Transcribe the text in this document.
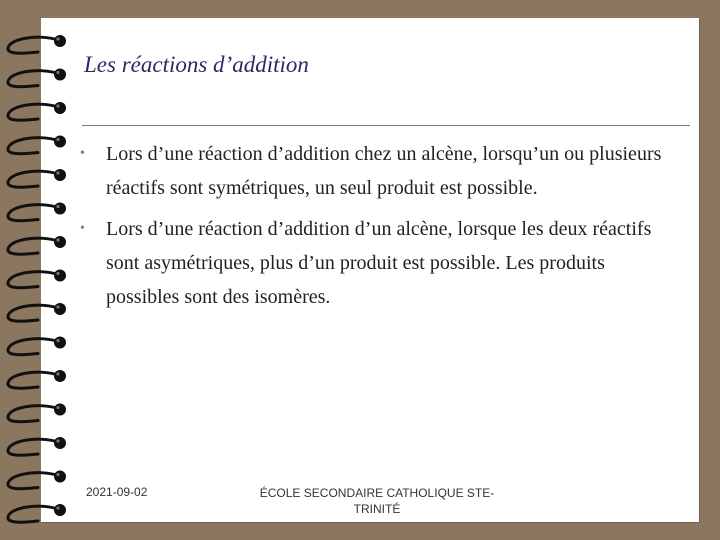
Les réactions d’addition
• Lors d’une réaction d’addition chez un alcène, lorsqu’un ou plusieurs réactifs sont symétriques, un seul produit est possible.
• Lors d’une réaction d’addition d’un alcène, lorsque les deux réactifs sont asymétriques, plus d’un produit est possible. Les produits possibles sont des isomères.
2021-09-02	ÉCOLE SECONDAIRE CATHOLIQUE STE-TRINITÉ
